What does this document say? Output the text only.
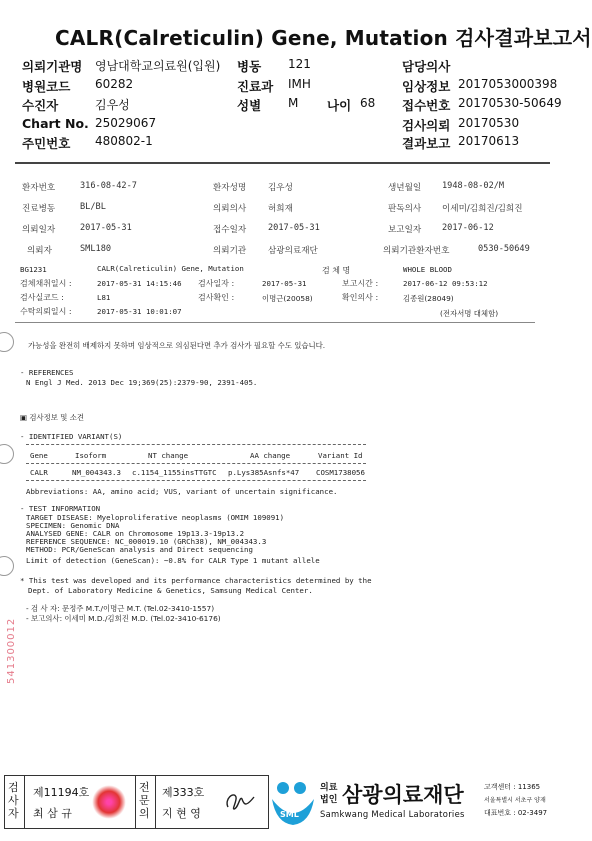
CALR(Calreticulin) Gene, Mutation 검사결과보고서
의뢰기관명 영남대학교의료원(입원) 병동 121	담당의사
병원코드 60282	진료과 IMH	임상정보 2017053000398
수진자	김우성	성별 M 나이 68 접수번호 20170530-50649
Chart No. 25029067	검사의뢰 20170530
주민번호 480802-1	결과보고 20170613
환자번호	316-08-42-7	환자성명	김우성	생년월일 1948-08-02/M
진료병동	BL/BL	의뢰의사	허희재	판독의사 이세미/김희진/김희진
의뢰일자	2017-05-31	접수일자	2017-05-31	보고일자 2017-06-12
의뢰자	SML180	의뢰기관	삼광의료재단	의뢰기관환자번호	0530-50649
BG1231	CALR(Calreticulin) Gene, Mutation	검 체 명	WHOLE BLOOD
검체채취일시 :	2017-05-31 14:15:46 검사일자 :	2017-05-31	보고시간 :	2017-06-12 09:53:12
검사실코드 :	L81	검사확인 :	이명근(20058)	확인의사 :	김종원(28049)
수탁의뢰일시 :	2017-05-31 10:01:07	(전자서명 대체함)
가능성을 완전히 배제하지 못하며 임상적으로 의심된다면 추가 검사가 필요할 수도 있습니다.
- REFERENCES
N Engl J Med. 2013 Dec 19;369(25):2379-90, 2391-405.
▣ 검사정보 및 소견
- IDENTIFIED VARIANT(S)
Gene	Isoform	NT change	AA change	Variant Id
CALR	NM_004343.3 c.1154_1155insTTGTC p.Lys385Asnfs*47 COSM1738056
Abbreviations: AA, amino acid; VUS, variant of uncertain significance.
- TEST INFORMATION
TARGET DISEASE: Myeloproliferative neoplasms (OMIM 109091)
SPECIMEN: Genomic DNA
ANALYSED GENE: CALR on Chromosome 19p13.3-19p13.2
REFERENCE SEQUENCE: NC_000019.10 (GRCh38), NM_004343.3
METHOD: PCR/GeneScan analysis and Direct sequencing
Limit of detection (GeneScan): ~0.8% for CALR Type 1 mutant allele
* This test was developed and its performance characteristics determined by the
Dept. of Laboratory Medicine & Genetics, Samsung Medical Center.
- 검 사 자: 문정주 M.T./이명근 M.T. (Tel.02-3410-1557)
- 보고의사: 이세미 M.D./김희진 M.D. (Tel.02-3410-6176)
541300012
검사자
제11194호
최 삼 규
전문의
제333호
지 현 영	SML
의료
법인 삼광의료재단
Samkwang Medical Laboratories
고객센터 : 11365
서울특별시 서초구 양재
대표번호 : 02-3497
